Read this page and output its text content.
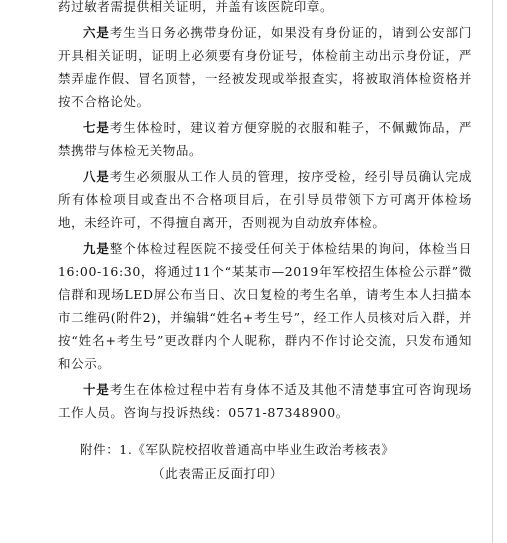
药过敏者需提供相关证明，并盖有该医院印章。

六是考生当日务必携带身份证，如果没有身份证的，请到公安部门开具相关证明，证明上必须要有身份证号，体检前主动出示身份证，严禁弄虚作假、冒名顶替，一经被发现或举报查实，将被取消体检资格并按不合格论处。

七是考生体检时，建议着方便穿脱的衣服和鞋子，不佩戴饰品，严禁携带与体检无关物品。

八是考生必须服从工作人员的管理，按序受检，经引导员确认完成所有体检项目或查出不合格项目后，在引导员带领下方可离开体检场地，未经许可，不得擅自离开，否则视为自动放弃体检。

九是整个体检过程医院不接受任何关于体检结果的询问，体检当日16:00-16:30，将通过11个“某某市—2019年军校招生体检公示群”微信群和现场LED屏公布当日、次日复检的考生名单，请考生本人扫描本市二维码(附件2)，并编辑“姓名+考生号”，经工作人员核对后入群，并按“姓名+考生号”更改群内个人昵称，群内不作讨论交流，只发布通知和公示。

十是考生在体检过程中若有身体不适及其他不清楚事宜可咨询现场工作人员。咨询与投诉热线：0571-87348900。

附件：1.《军队院校招收普通高中毕业生政治考核表》
（此表需正反面打印）
